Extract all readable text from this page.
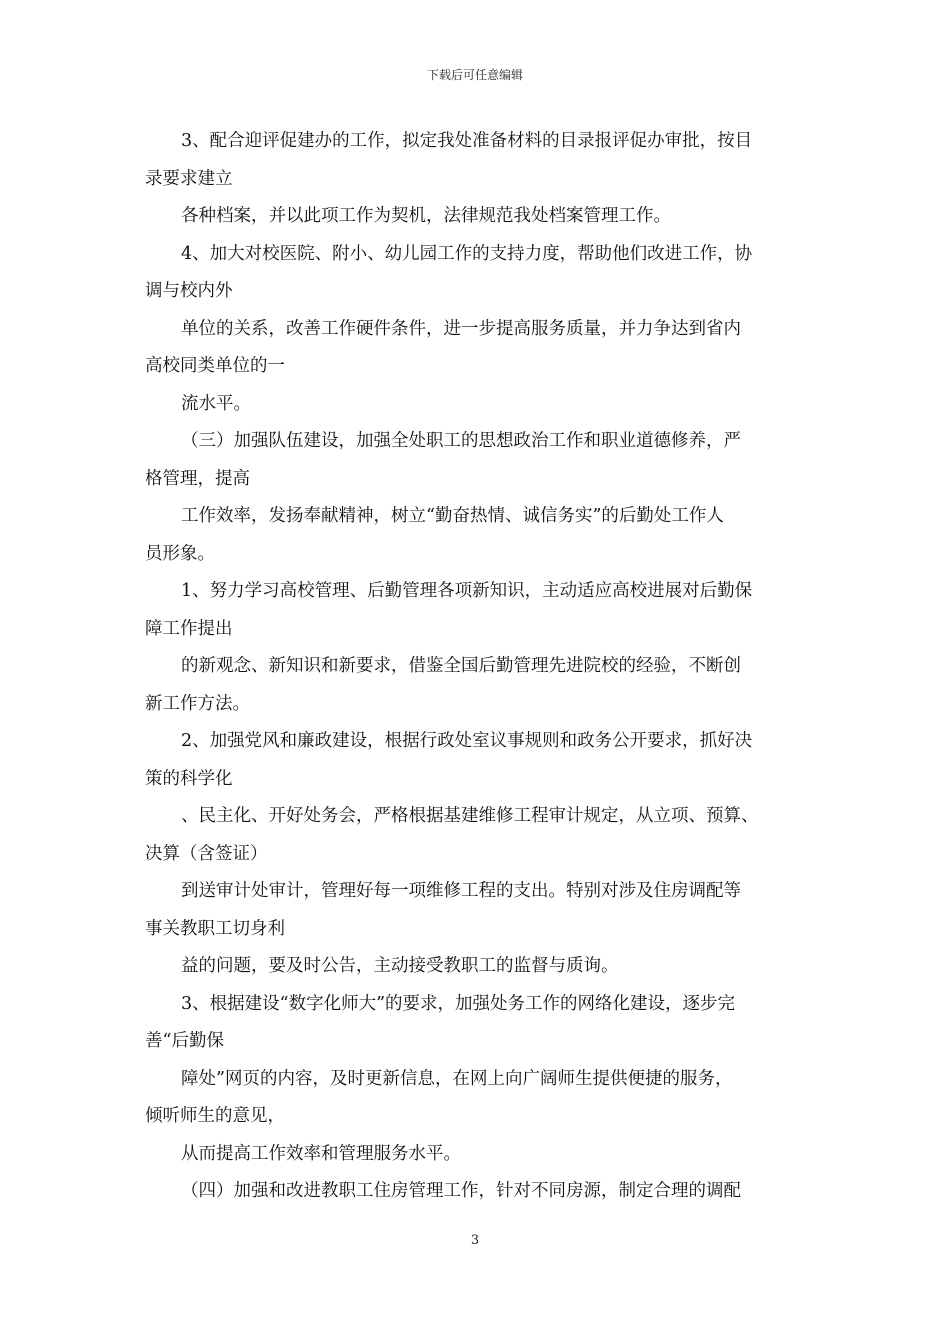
下载后可任意编辑
3、配合迎评促建办的工作，拟定我处准备材料的目录报评促办审批，按目
录要求建立
各种档案，并以此项工作为契机，法律规范我处档案管理工作。
4、加大对校医院、附小、幼儿园工作的支持力度，帮助他们改进工作，协
调与校内外
单位的关系，改善工作硬件条件，进一步提高服务质量，并力争达到省内
高校同类单位的一
流水平。
（三）加强队伍建设，加强全处职工的思想政治工作和职业道德修养，严
格管理，提高
工作效率，发扬奉献精神，树立“勤奋热情、诚信务实”的后勤处工作人
员形象。
1、努力学习高校管理、后勤管理各项新知识，主动适应高校进展对后勤保
障工作提出
的新观念、新知识和新要求，借鉴全国后勤管理先进院校的经验，不断创
新工作方法。
2、加强党风和廉政建设，根据行政处室议事规则和政务公开要求，抓好决
策的科学化
、民主化、开好处务会，严格根据基建维修工程审计规定，从立项、预算、
决算（含签证）
到送审计处审计，管理好每一项维修工程的支出。特别对涉及住房调配等
事关教职工切身利
益的问题，要及时公告，主动接受教职工的监督与质询。
3、根据建设“数字化师大”的要求，加强处务工作的网络化建设，逐步完
善“后勤保
障处”网页的内容，及时更新信息，在网上向广阔师生提供便捷的服务，
倾听师生的意见，
从而提高工作效率和管理服务水平。
（四）加强和改进教职工住房管理工作，针对不同房源，制定合理的调配
3
